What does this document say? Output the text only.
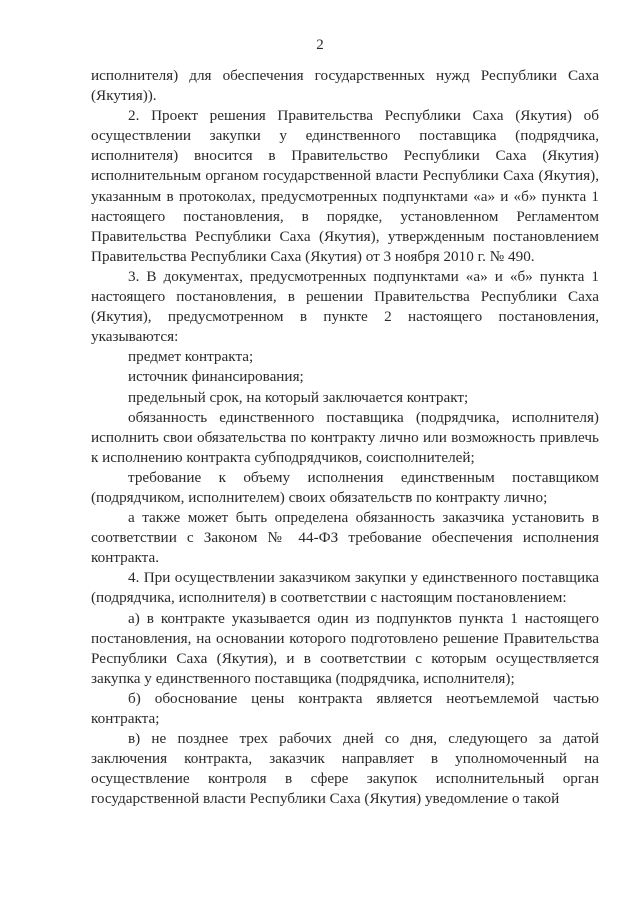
2

исполнителя) для обеспечения государственных нужд Республики Саха (Якутия)).

2. Проект решения Правительства Республики Саха (Якутия) об осуществлении закупки у единственного поставщика (подрядчика, исполнителя) вносится в Правительство Республики Саха (Якутия) исполнительным органом государственной власти Республики Саха (Якутия), указанным в протоколах, предусмотренных подпунктами «а» и «б» пункта 1 настоящего постановления, в порядке, установленном Регламентом Правительства Республики Саха (Якутия), утвержденным постановлением Правительства Республики Саха (Якутия) от 3 ноября 2010 г. № 490.

3. В документах, предусмотренных подпунктами «а» и «б» пункта 1 настоящего постановления, в решении Правительства Республики Саха (Якутия), предусмотренном в пункте 2 настоящего постановления, указываются:

предмет контракта;

источник финансирования;

предельный срок, на который заключается контракт;

обязанность единственного поставщика (подрядчика, исполнителя) исполнить свои обязательства по контракту лично или возможность привлечь к исполнению контракта субподрядчиков, соисполнителей;

требование к объему исполнения единственным поставщиком (подрядчиком, исполнителем) своих обязательств по контракту лично;

а также может быть определена обязанность заказчика установить в соответствии с Законом № 44-ФЗ требование обеспечения исполнения контракта.

4. При осуществлении заказчиком закупки у единственного поставщика (подрядчика, исполнителя) в соответствии с настоящим постановлением:

а) в контракте указывается один из подпунктов пункта 1 настоящего постановления, на основании которого подготовлено решение Правительства Республики Саха (Якутия), и в соответствии с которым осуществляется закупка у единственного поставщика (подрядчика, исполнителя);

б) обоснование цены контракта является неотъемлемой частью контракта;

в) не позднее трех рабочих дней со дня, следующего за датой заключения контракта, заказчик направляет в уполномоченный на осуществление контроля в сфере закупок исполнительный орган государственной власти Республики Саха (Якутия) уведомление о такой
